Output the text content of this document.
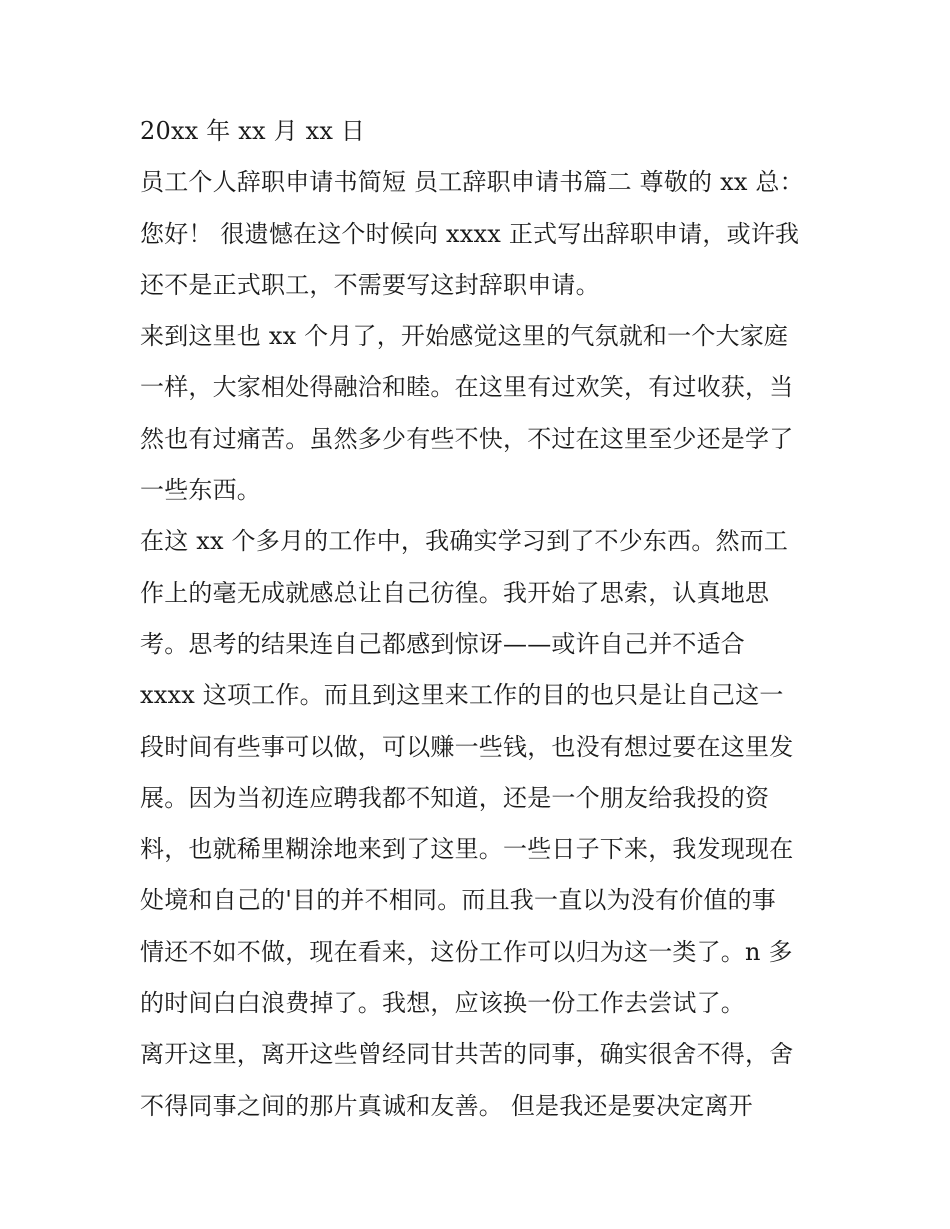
20xx 年 xx 月 xx 日
员工个人辞职申请书简短 员工辞职申请书篇二 尊敬的 xx 总：
您好！ 很遗憾在这个时候向 xxxx 正式写出辞职申请，或许我
还不是正式职工，不需要写这封辞职申请。
来到这里也 xx 个月了，开始感觉这里的气氛就和一个大家庭
一样，大家相处得融洽和睦。在这里有过欢笑，有过收获，当
然也有过痛苦。虽然多少有些不快，不过在这里至少还是学了
一些东西。
在这 xx 个多月的工作中，我确实学习到了不少东西。然而工
作上的毫无成就感总让自己彷徨。我开始了思索，认真地思
考。思考的结果连自己都感到惊讶——或许自己并不适合
xxxx 这项工作。而且到这里来工作的目的也只是让自己这一
段时间有些事可以做，可以赚一些钱，也没有想过要在这里发
展。因为当初连应聘我都不知道，还是一个朋友给我投的资
料，也就稀里糊涂地来到了这里。一些日子下来，我发现现在
处境和自己的'目的并不相同。而且我一直以为没有价值的事
情还不如不做，现在看来，这份工作可以归为这一类了。n 多
的时间白白浪费掉了。我想，应该换一份工作去尝试了。
离开这里，离开这些曾经同甘共苦的同事，确实很舍不得，舍
不得同事之间的那片真诚和友善。 但是我还是要决定离开
